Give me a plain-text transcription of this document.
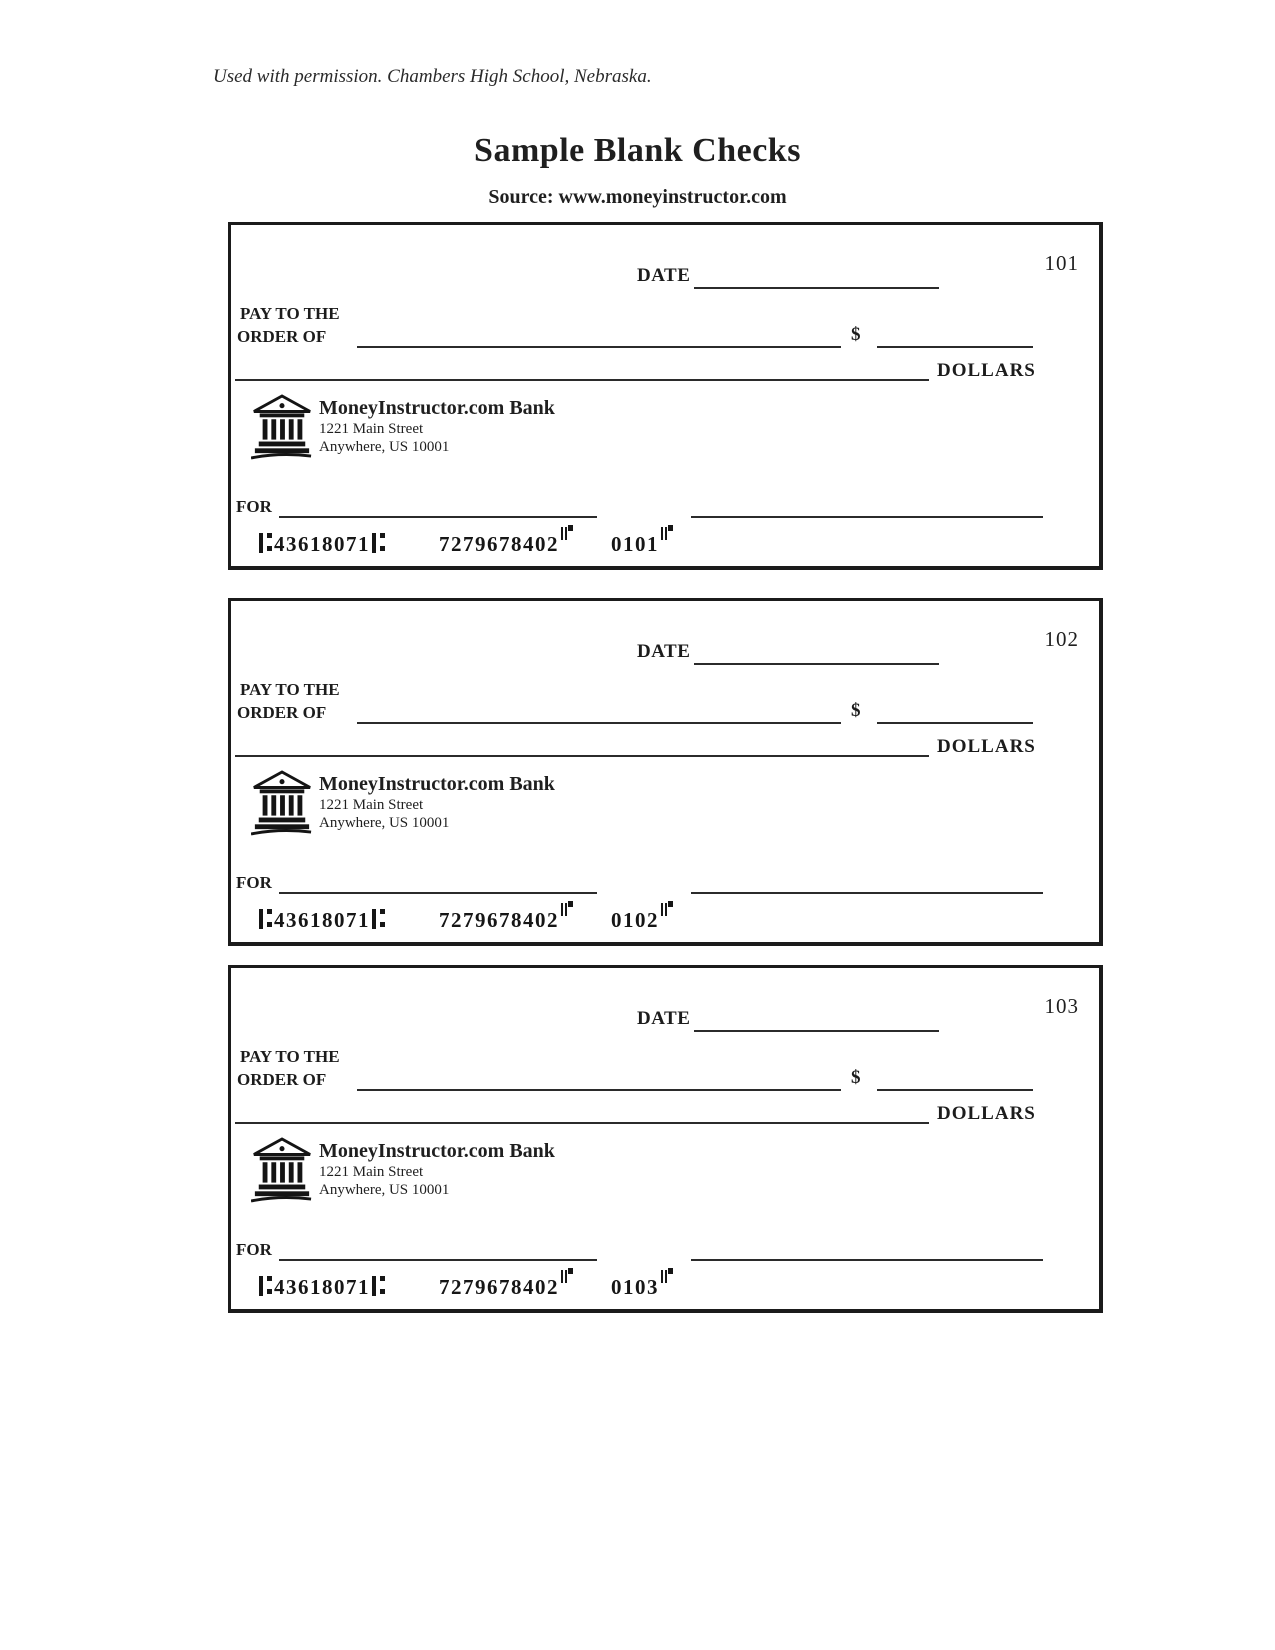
Used with permission. Chambers High School, Nebraska.
Sample Blank Checks
Source: www.moneyinstructor.com
101
DATE
PAY TO THE
ORDER OF	$
DOLLARS
MoneyInstructor.com Bank
1221 Main Street
Anywhere, US 10001
FOR
43618071	7279678402 0101
102
DATE
PAY TO THE
ORDER OF	$
DOLLARS
MoneyInstructor.com Bank
1221 Main Street
Anywhere, US 10001
FOR
43618071	7279678402 0102
103
DATE
PAY TO THE
ORDER OF	$
DOLLARS
MoneyInstructor.com Bank
1221 Main Street
Anywhere, US 10001
FOR
43618071	7279678402 0103
